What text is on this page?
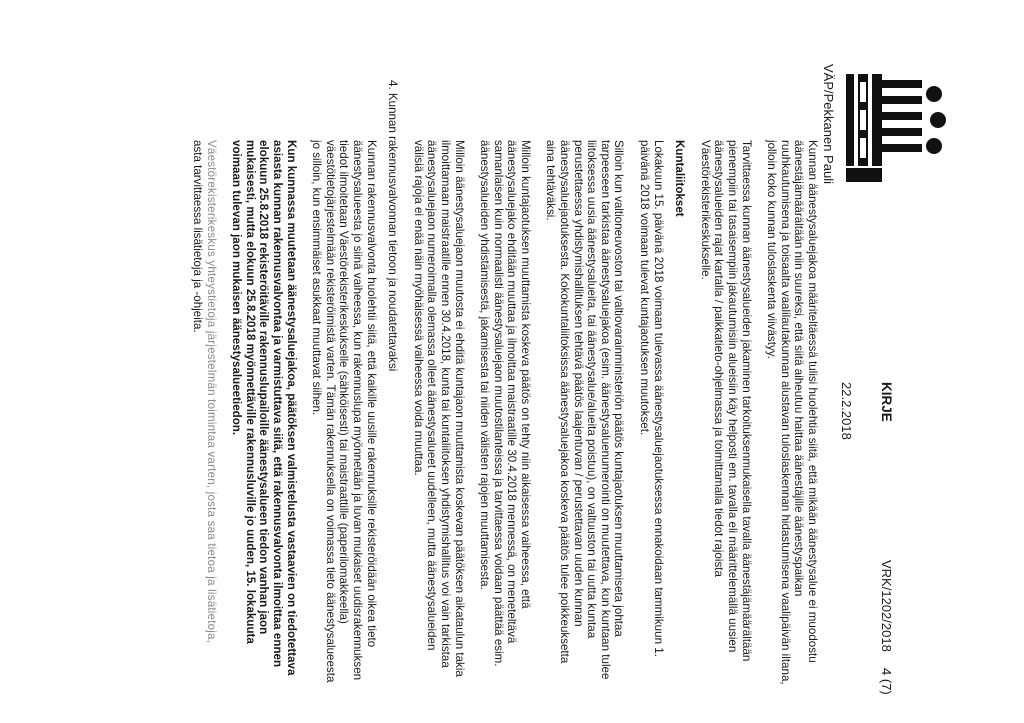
KIRJE
VRK/1202/2018
4 (7)
22.2.2018
VÄP/Pekkanen Pauli

Kunnan äänestysaluejakoa määriteltäessä tulisi huolehtia siitä, että mikään äänestysalue ei muodostu äänestäjämäärältään niin suureksi, että siitä aiheutuu haittaa äänestäjille äänestyspaikan ruuhkautumisena ja toisaalta vaalilautakunnan alustavan tuloslaskennan hidastumisena vaalipäivän iltana, jolloin koko kunnan tuloslaskenta viivästyy.

Tarvittaessa kunnan äänestysalueiden jakaminen tarkoituksenmukaisella tavalla äänestäjämäärältään pienempiin tai tasaisempiin jakautumisiin alueisiin käy helposti em. tavalla eli määrittelemällä uusien äänestysalueiden rajat kartalla / paikkatieto-ohjelmassa ja toimittamalla tiedot rajoista Väestörekisterikeskukselle.

Kuntaliitokset

Lokakuun 15. päivänä 2018 voimaan tulevassa äänestysaluejaotuksessa ennakoidaan tammikuun 1. päivänä 2018 voimaan tulevat kuntajaotuksen muutokset.

Silloin kun valtioneuvoston tai valtiovarainministeriön päätös kuntajaotuksen muuttamiseta johtaa tarpeeseen tarkistaa äänestysaluejakoa (esim. äänestysaluenumerointi on muutettava, kun kuntaan tulee liitoksessa uusia äänestysalueita, tai äänestysalue/alueita poistuu), on valtuuston tai uutta kuntaa perustettaessa yhdistymishallituksen tehtävä päätös laajentuvan / perustettavan uuden kunnan äänestysaluejaotuksesta. Kokokuntaliitoksissa äänestysaluejakoa koskeva päätös tulee poikkeuksetta aina tehtäväksi.

Milloin kuntajaotuksen muuttamista koskeva päätös on tehty niin aikaisessa vaiheessa, että äänestysaluejako ehditään muuttaa ja ilmoittaa maistraatille 30.4.2018 mennessä, on meneteltävä samanlaisen kuin normaalisti äänestysaluejaon muutostilanteissa ja tarvittaessa voidaan päättää esim. äänestysalueiden yhdistämisestä, jakamisesta tai niiden välisten rajojen muuttamisesta.

Milloin äänestysaluejaon muutosta ei ehditä kuntajaon muuttamista koskevan päätöksen aikataulun takia ilmoittamaan maistraatille ennen 30.4.2018, kunta tai kuntaliitoksen yhdistymishallitus voi vain tarkistaa äänestysaluejaon numeroimalla olemassa olleet äänestysalueet uudelleen, mutta äänestysalueiden välisiä rajoja ei enää näin myöhäisessä vaiheessa voida muuttaa.

4. Kunnan rakennusvalvonnan tietoon ja noudatettavaksi

Kunnan rakennusvalvonta huolehtii siitä, että kaikille uusille rakennuksille rekisteröidään oikea tieto äänestysalueesta jo siinä vaiheessa, kun rakennuslupa myönnetään ja luvan mukaiset uudisrakennuksen tiedot ilmoitetaan Väestörekisterikeskukselle (sähköisesti) tai maistraattille (paperilomakkeella) väestötietojärjestelmään rekisteröimistä varten. Tämän rakennuksella on voimassa tieto äänestysalueesta jo silloin, kun ensimmäiset asukkaat muuttavat siihen.

Kun kunnassa muutetaan äänestysaluejakoa, päätöksen valmistelusta vastaavien on tiedotettava asiasta kunnan rakennusvalvontaa ja varmistuttava siitä, että rakennusvalvonta ilmoittaa ennen elokuun 25.8.2018 rekisteröitäville rakennuslupailoille äänestysalueen tiedon vanhan jaon mukaisesti, mutta elokuun 25.8.2018 myönnettäville rakennusluville jo uuden, 15. lokakuuta voimaan tulevan jaon mukaisen äänestysalueetiedon.

Väestörekisterikeskus yhteystietoja järjestelmän toimintaa varten, josta saa tietoa ja lisätietoja,

asta tarvittaessa lisätietoja ja -ohjeita.
